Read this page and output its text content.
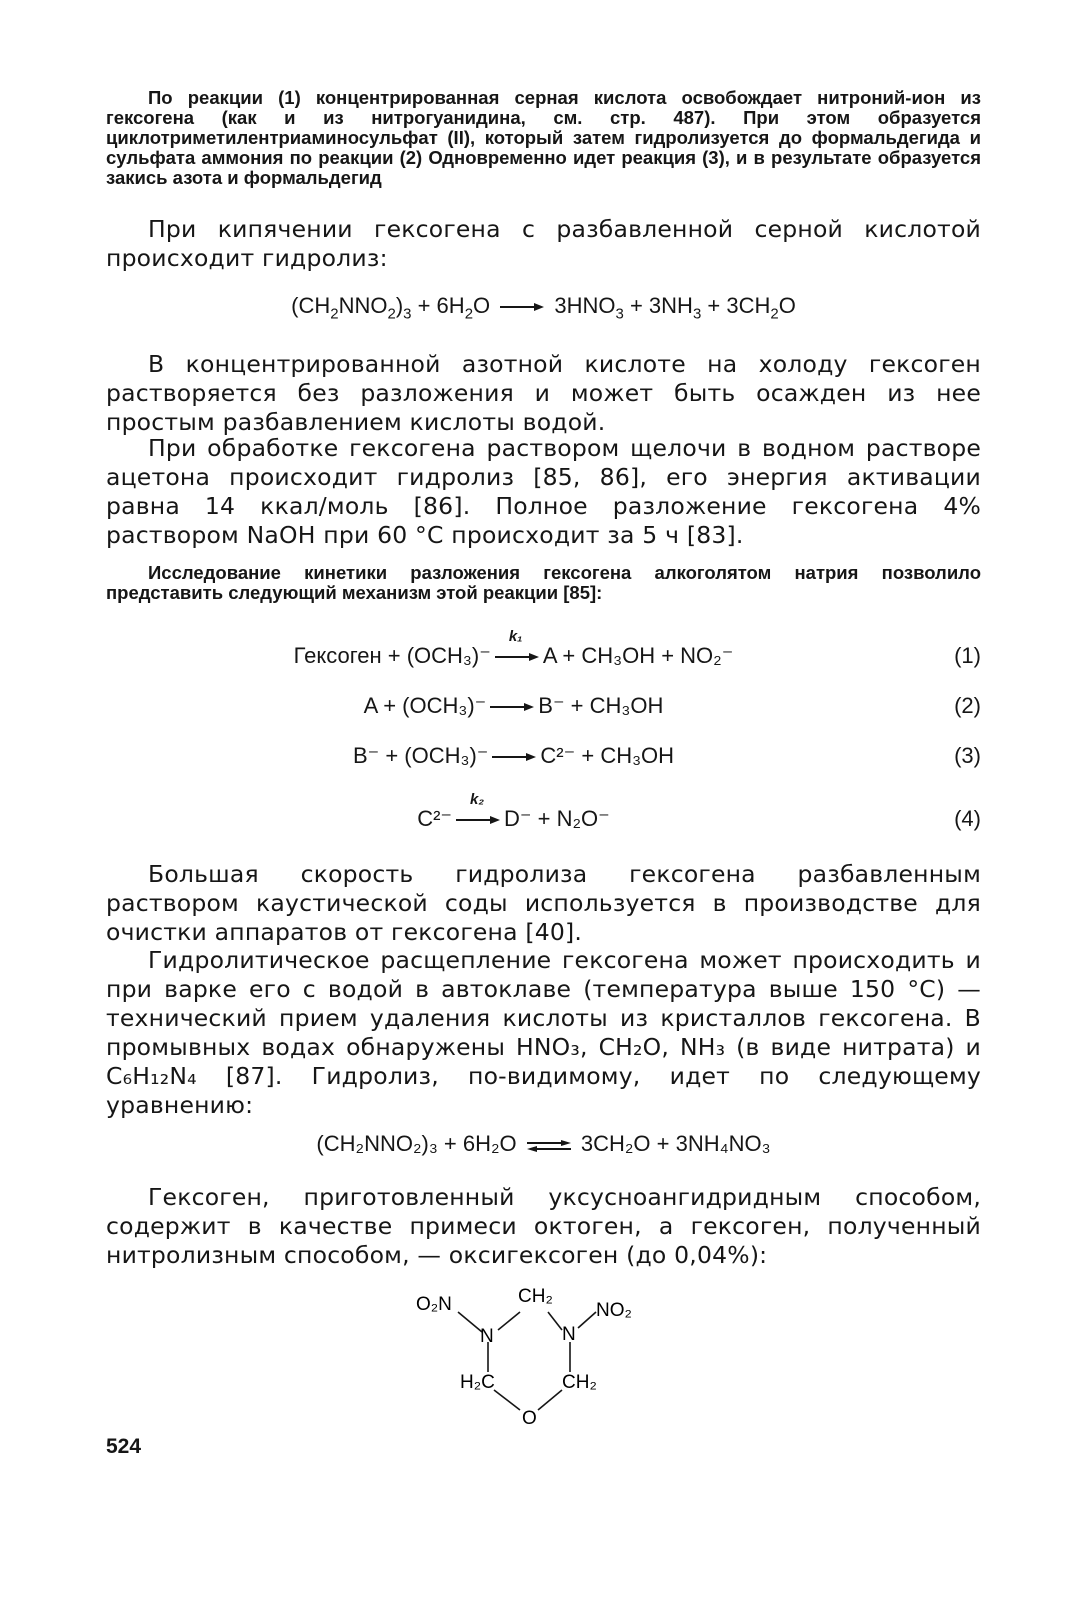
По реакции (1) концентрированная серная кислота освобождает нитроний-ион из гексогена (как и из нитрогуанидина, см. стр. 487). При этом образуется циклотриметилентриаминосульфат (II), который затем гидролизуется до формальдегида и сульфата аммония по реакции (2) Одновременно идет реакция (3), и в результате образуется закись азота и формальдегид

При кипячении гексогена с разбавленной серной кислотой происходит гидролиз:

$(CH_2NNO_2)_3 + 6H_2O \to 3HNO_3 + 3NH_3 + 3CH_2O$

В концентрированной азотной кислоте на холоду гексоген растворяется без разложения и может быть осажден из нее простым разбавлением кислоты водой.

При обработке гексогена раствором щелочи в водном растворе ацетона происходит гидролиз [85, 86], его энергия активации равна 14 ккал/моль [86]. Полное разложение гексогена 4% раствором NaOH при 60 °C происходит за 5 ч [83].

Исследование кинетики разложения гексогена алкоголятом натрия позволило представить следующий механизм этой реакции [85]:

Гексоген + (OCH₃)⁻
k₁
A + CH₃OH + NO₂⁻	(1)
A + (OCH₃)⁻ → B⁻ + CH₃OH	(2)
B⁻ + (OCH₃)⁻ → C²⁻ + CH₃OH	(3)
C²⁻
k₂
D⁻ + N₂O⁻	(4)

Большая скорость гидролиза гексогена разбавленным раствором каустической соды используется в производстве для очистки аппаратов от гексогена [40].

Гидролитическое расщепление гексогена может происходить и при варке его с водой в автоклаве (температура выше 150 °C) — технический прием удаления кислоты из кристаллов гексогена. В промывных водах обнаружены HNO₃, CH₂O, NH₃ (в виде нитрата) и C₆H₁₂N₄ [87]. Гидролиз, по-видимому, идет по следующему уравнению:

(CH₂NNO₂)₃ + 6H₂O ⇌ 3CH₂O + 3NH₄NO₃

Гексоген, приготовленный уксусноангидридным способом, содержит в качестве примеси октоген, а гексоген, полученный нитролизным способом, — оксигексоген (до 0,04%):

O₂N	CH₂
NO₂
N	N
H₂C	CH₂
O
524
